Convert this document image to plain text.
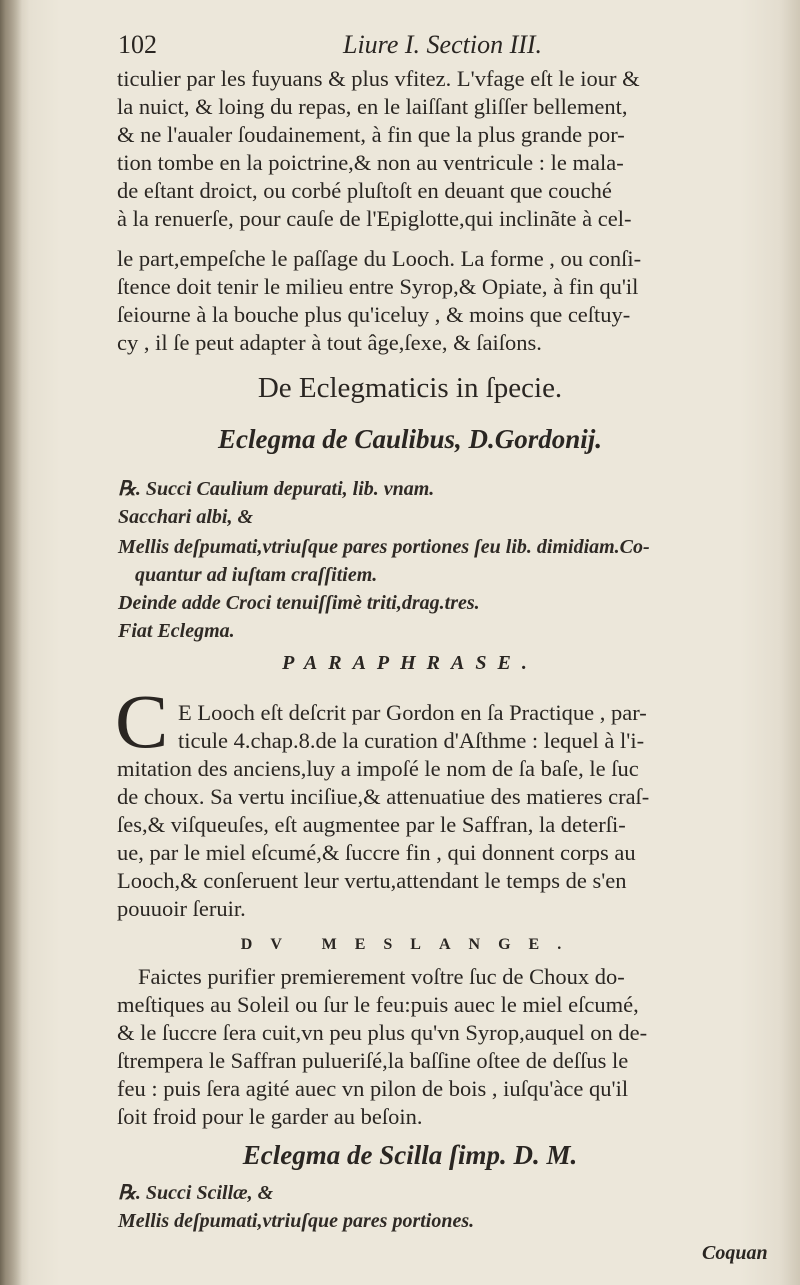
102	Liure I. Section III.
ticulier par les fuyuans & plus vfitez. L'vfage eſt le iour &
la nuict, & loing du repas, en le laiſſant gliſſer bellement,
& ne l'aualer ſoudainement, à fin que la plus grande por-
tion tombe en la poictrine,& non au ventricule : le mala-
de eſtant droict, ou corbé pluſtoſt en deuant que couché
à la renuerſe, pour cauſe de l'Epiglotte,qui inclinãte à cel-
le part,empeſche le paſſage du Looch. La forme , ou conſi-
ſtence doit tenir le milieu entre Syrop,& Opiate, à fin qu'il
ſeiourne à la bouche plus qu'iceluy , & moins que ceſtuy-
cy , il ſe peut adapter à tout âge,ſexe, & ſaiſons.
De Eclegmaticis in ſpecie.
Eclegma de Caulibus, D.Gordonij.
℞. Succi Caulium depurati, lib. vnam.
Sacchari albi, &
Mellis deſpumati,vtriuſque pares portiones ſeu lib. dimidiam.Co-
quantur ad iuſtam craſſitiem.
Deinde adde Croci tenuiſſimè triti,drag.tres.
Fiat Eclegma.
PARAPHRASE.
C E Looch eſt deſcrit par Gordon en ſa Practique , par-
ticule 4.chap.8.de la curation d'Aſthme : lequel à l'i-
mitation des anciens,luy a impoſé le nom de ſa baſe, le ſuc
de choux. Sa vertu inciſiue,& attenuatiue des matieres craſ-
ſes,& viſqueuſes, eſt augmentee par le Saffran, la deterſi-
ue, par le miel eſcumé,& ſuccre fin , qui donnent corps au
Looch,& conſeruent leur vertu,attendant le temps de s'en
pouuoir ſeruir.
DV MESLANGE.
Faictes purifier premierement voſtre ſuc de Choux do-
meſtiques au Soleil ou ſur le feu:puis auec le miel eſcumé,
& le ſuccre ſera cuit,vn peu plus qu'vn Syrop,auquel on de-
ſtrempera le Saffran pulueriſé,la baſſine oſtee de deſſus le
feu : puis ſera agité auec vn pilon de bois , iuſqu'àce qu'il
ſoit froid pour le garder au beſoin.
Eclegma de Scilla ſimp. D. M.
℞. Succi Scillæ, &
Mellis deſpumati,vtriuſque pares portiones.
Coquan
